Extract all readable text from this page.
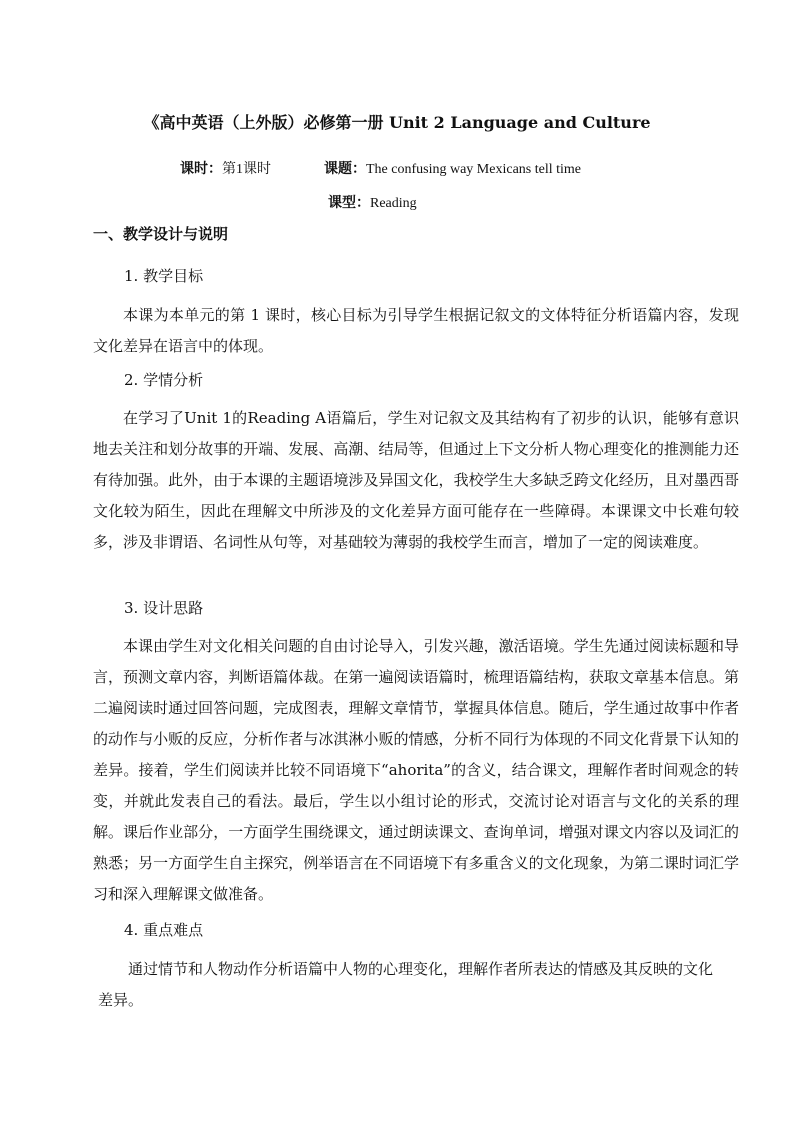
《高中英语（上外版）必修第一册 Unit 2 Language and Culture
课时：第1课时	课题：The confusing way Mexicans tell time
课型：Reading
一、教学设计与说明
1. 教学目标
本课为本单元的第 1 课时，核心目标为引导学生根据记叙文的文体特征分析语篇内容，发现文化差异在语言中的体现。
2. 学情分析
在学习了Unit 1的Reading A语篇后，学生对记叙文及其结构有了初步的认识，能够有意识地去关注和划分故事的开端、发展、高潮、结局等，但通过上下文分析人物心理变化的推测能力还有待加强。此外，由于本课的主题语境涉及异国文化，我校学生大多缺乏跨文化经历，且对墨西哥文化较为陌生，因此在理解文中所涉及的文化差异方面可能存在一些障碍。本课课文中长难句较多，涉及非谓语、名词性从句等，对基础较为薄弱的我校学生而言，增加了一定的阅读难度。
3. 设计思路
本课由学生对文化相关问题的自由讨论导入，引发兴趣，激活语境。学生先通过阅读标题和导言，预测文章内容，判断语篇体裁。在第一遍阅读语篇时，梳理语篇结构，获取文章基本信息。第二遍阅读时通过回答问题，完成图表，理解文章情节，掌握具体信息。随后，学生通过故事中作者的动作与小贩的反应，分析作者与冰淇淋小贩的情感，分析不同行为体现的不同文化背景下认知的差异。接着，学生们阅读并比较不同语境下“ahorita”的含义，结合课文，理解作者时间观念的转变，并就此发表自己的看法。最后，学生以小组讨论的形式，交流讨论对语言与文化的关系的理解。课后作业部分，一方面学生围绕课文，通过朗读课文、查询单词，增强对课文内容以及词汇的熟悉；另一方面学生自主探究，例举语言在不同语境下有多重含义的文化现象，为第二课时词汇学习和深入理解课文做准备。
4. 重点难点
通过情节和人物动作分析语篇中人物的心理变化，理解作者所表达的情感及其反映的文化差异。
